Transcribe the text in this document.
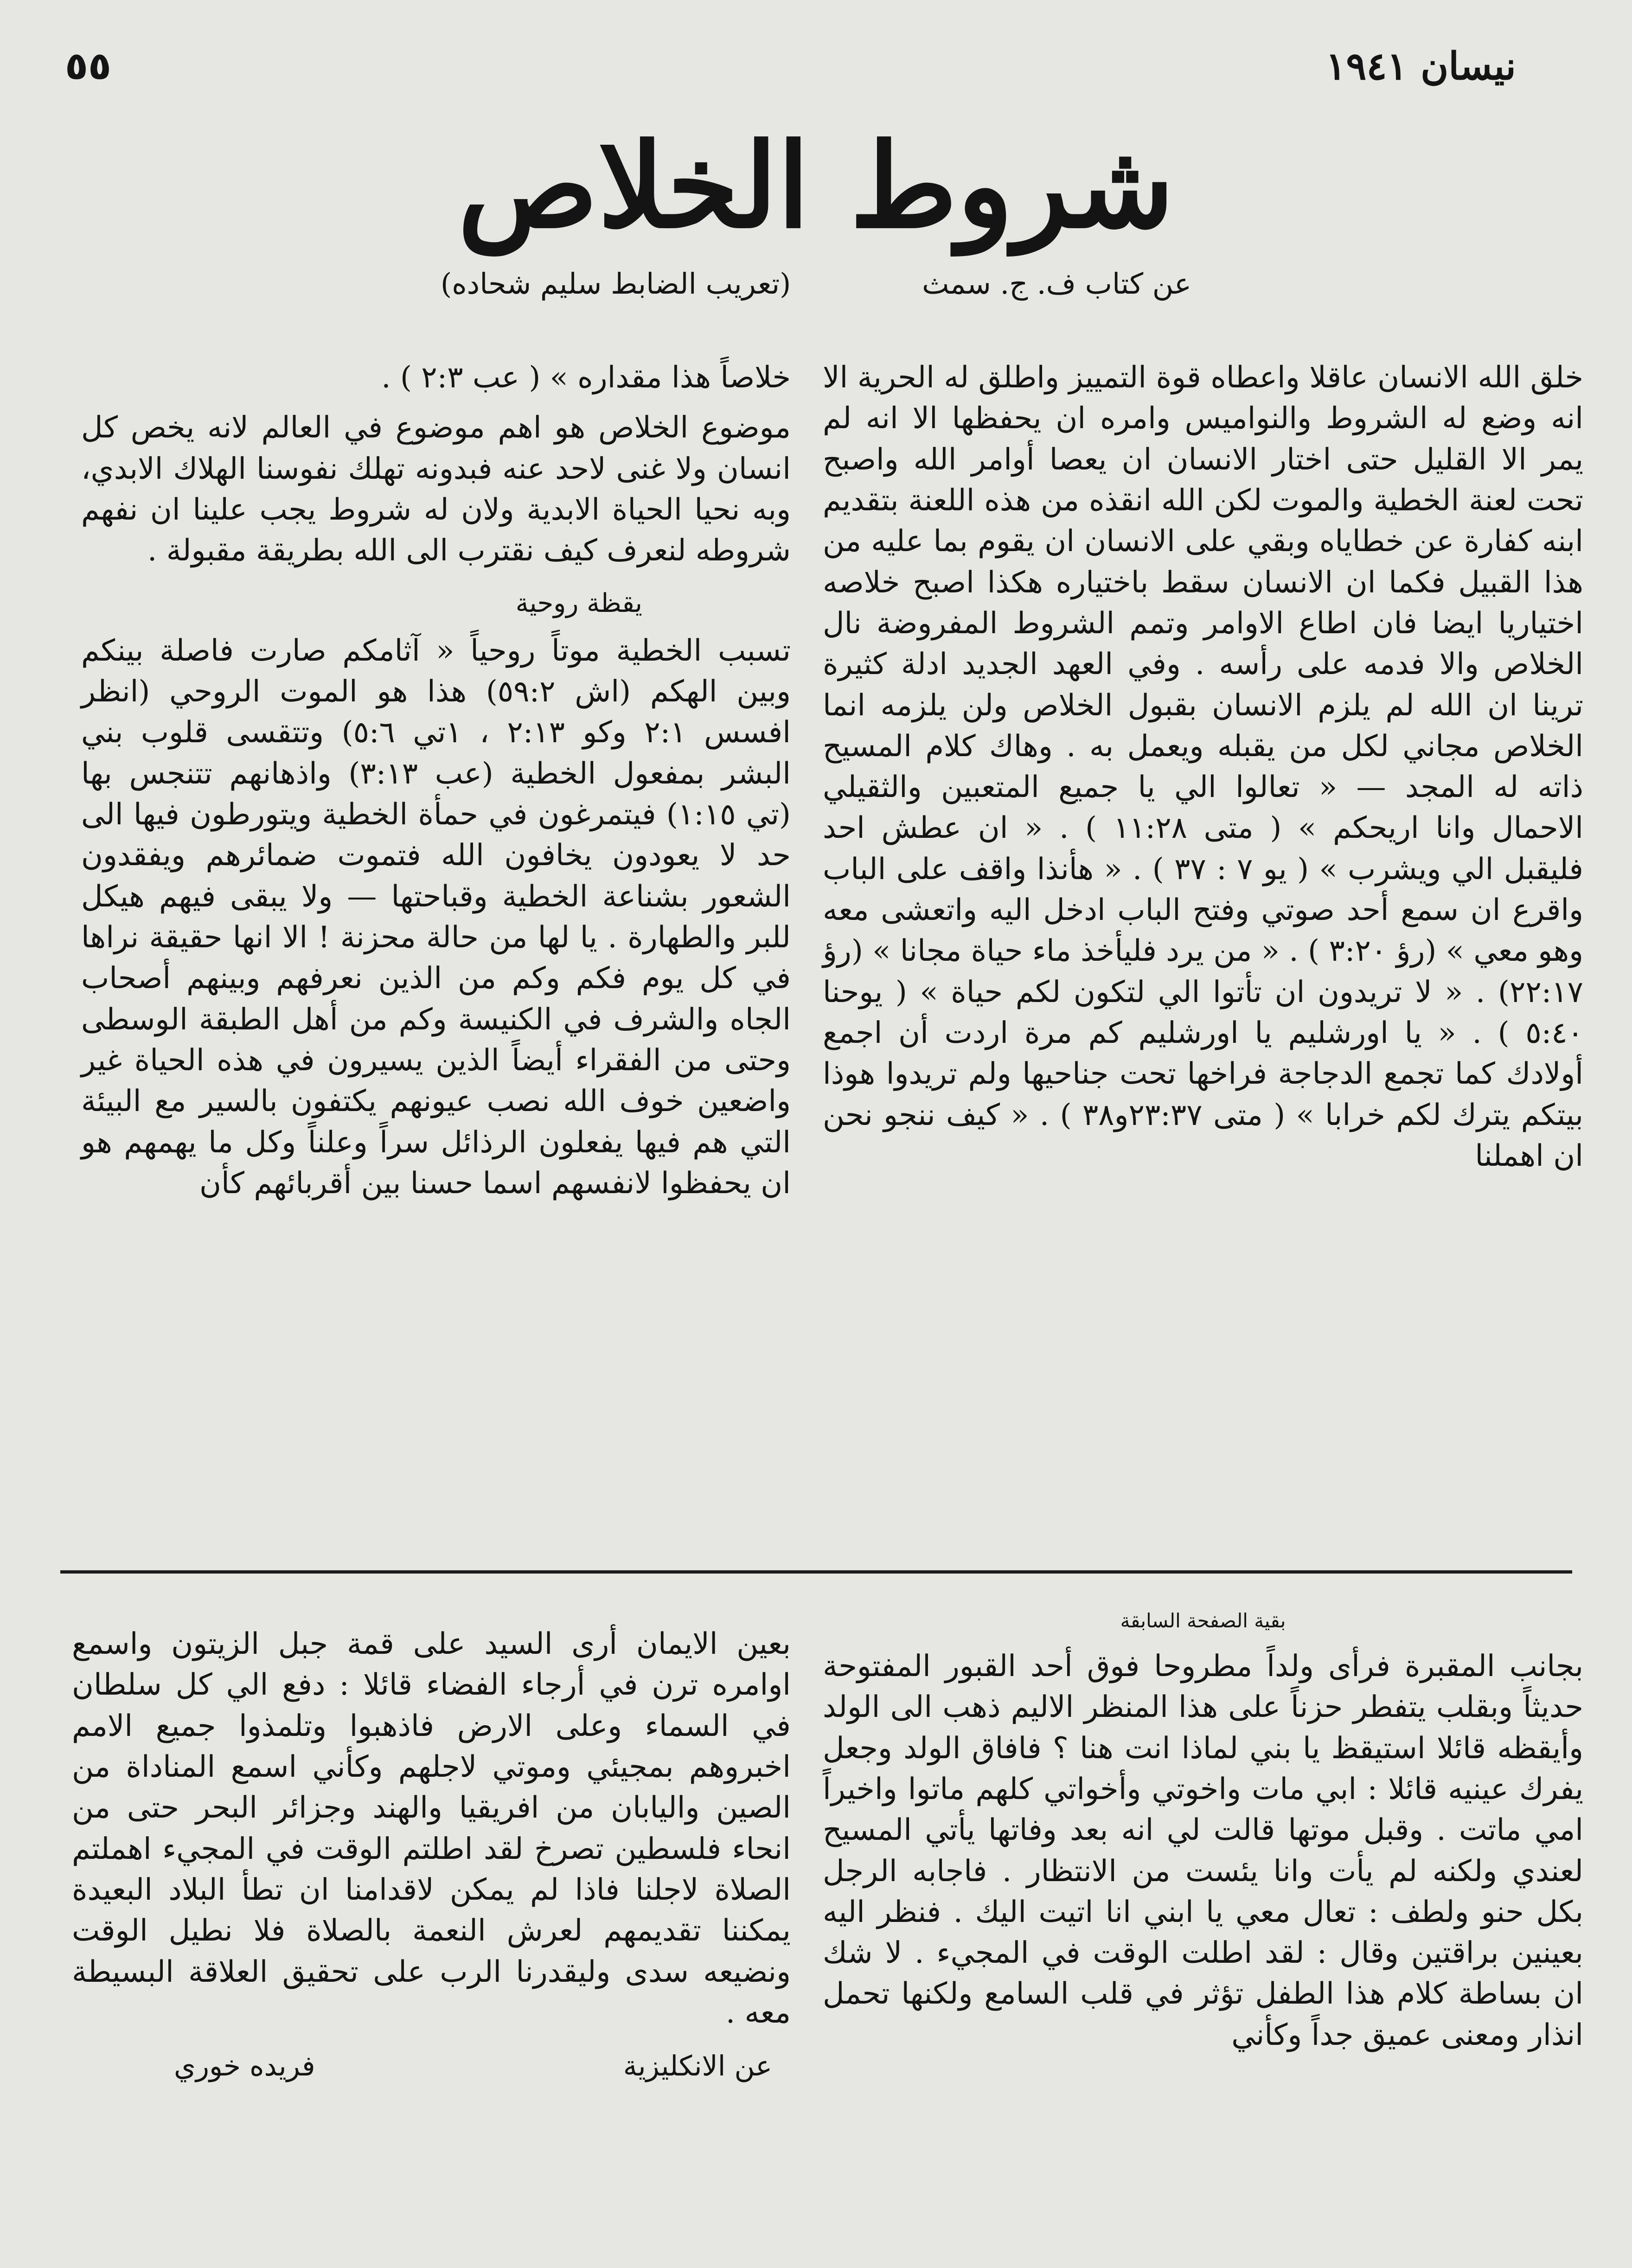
نيسان ١٩٤١
٥٥
شروط الخلاص
عن كتاب ف. ج. سمث
(تعريب الضابط سليم شحاده)

خلق الله الانسان عاقلا واعطاه قوة التمييز واطلق له الحرية الا انه وضع له الشروط والنواميس وامره ان يحفظها الا انه لم يمر الا القليل حتى اختار الانسان ان يعصا أوامر الله واصبح تحت لعنة الخطية والموت لكن الله انقذه من هذه اللعنة بتقديم ابنه كفارة عن خطاياه وبقي على الانسان ان يقوم بما عليه من هذا القبيل فكما ان الانسان سقط باختياره هكذا اصبح خلاصه اختياريا ايضا فان اطاع الاوامر وتمم الشروط المفروضة نال الخلاص والا فدمه على رأسه . وفي العهد الجديد ادلة كثيرة ترينا ان الله لم يلزم الانسان بقبول الخلاص ولن يلزمه انما الخلاص مجاني لكل من يقبله ويعمل به . وهاك كلام المسيح ذاته له المجد — « تعالوا الي يا جميع المتعبين والثقيلي الاحمال وانا اريحكم » ( متى ١١:٢٨ ) . « ان عطش احد فليقبل الي ويشرب » ( يو ٧ : ٣٧ ) . « هأنذا واقف على الباب واقرع ان سمع أحد صوتي وفتح الباب ادخل اليه واتعشى معه وهو معي » (رؤ ٣:٢٠ ) . « من يرد فليأخذ ماء حياة مجانا » (رؤ ٢٢:١٧) . « لا تريدون ان تأتوا الي لتكون لكم حياة » ( يوحنا ٥:٤٠ ) . « يا اورشليم يا اورشليم كم مرة اردت أن اجمع أولادك كما تجمع الدجاجة فراخها تحت جناحيها ولم تريدوا هوذا بيتكم يترك لكم خرابا » ( متى ٢٣:٣٧و٣٨ ) . « كيف ننجو نحن ان اهملنا

خلاصاً هذا مقداره » ( عب ٢:٣ ) .

موضوع الخلاص هو اهم موضوع في العالم لانه يخص كل انسان ولا غنى لاحد عنه فبدونه تهلك نفوسنا الهلاك الابدي، وبه نحيا الحياة الابدية ولان له شروط يجب علينا ان نفهم شروطه لنعرف كيف نقترب الى الله بطريقة مقبولة .

يقظة روحية

تسبب الخطية موتاً روحياً « آثامكم صارت فاصلة بينكم وبين الهكم (اش ٥٩:٢) هذا هو الموت الروحي (انظر افسس ٢:١ وكو ٢:١٣ ، ١تي ٥:٦) وتتقسى قلوب بني البشر بمفعول الخطية (عب ٣:١٣) واذهانهم تتنجس بها (تي ١:١٥) فيتمرغون في حمأة الخطية ويتورطون فيها الى حد لا يعودون يخافون الله فتموت ضمائرهم ويفقدون الشعور بشناعة الخطية وقباحتها — ولا يبقى فيهم هيكل للبر والطهارة . يا لها من حالة محزنة ! الا انها حقيقة نراها في كل يوم فكم وكم من الذين نعرفهم وبينهم أصحاب الجاه والشرف في الكنيسة وكم من أهل الطبقة الوسطى وحتى من الفقراء أيضاً الذين يسيرون في هذه الحياة غير واضعين خوف الله نصب عيونهم يكتفون بالسير مع البيئة التي هم فيها يفعلون الرذائل سراً وعلناً وكل ما يهمهم هو ان يحفظوا لانفسهم اسما حسنا بين أقربائهم كأن

بقية الصفحة السابقة

بجانب المقبرة فرأى ولداً مطروحا فوق أحد القبور المفتوحة حديثاً وبقلب يتفطر حزناً على هذا المنظر الاليم ذهب الى الولد وأيقظه قائلا استيقظ يا بني لماذا انت هنا ؟ فافاق الولد وجعل يفرك عينيه قائلا : ابي مات واخوتي وأخواتي كلهم ماتوا واخيراً امي ماتت . وقبل موتها قالت لي انه بعد وفاتها يأتي المسيح لعندي ولكنه لم يأت وانا يئست من الانتظار . فاجابه الرجل بكل حنو ولطف : تعال معي يا ابني انا اتيت اليك . فنظر اليه بعينين براقتين وقال : لقد اطلت الوقت في المجيء . لا شك ان بساطة كلام هذا الطفل تؤثر في قلب السامع ولكنها تحمل انذار ومعنى عميق جداً وكأني

بعين الايمان أرى السيد على قمة جبل الزيتون واسمع اوامره ترن في أرجاء الفضاء قائلا : دفع الي كل سلطان في السماء وعلى الارض فاذهبوا وتلمذوا جميع الامم اخبروهم بمجيئي وموتي لاجلهم وكأني اسمع المناداة من الصين واليابان من افريقيا والهند وجزائر البحر حتى من انحاء فلسطين تصرخ لقد اطلتم الوقت في المجيء اهملتم الصلاة لاجلنا فاذا لم يمكن لاقدامنا ان تطأ البلاد البعيدة يمكننا تقديمهم لعرش النعمة بالصلاة فلا نطيل الوقت ونضيعه سدى وليقدرنا الرب على تحقيق العلاقة البسيطة معه .

عن الانكليزية
فريده خوري
